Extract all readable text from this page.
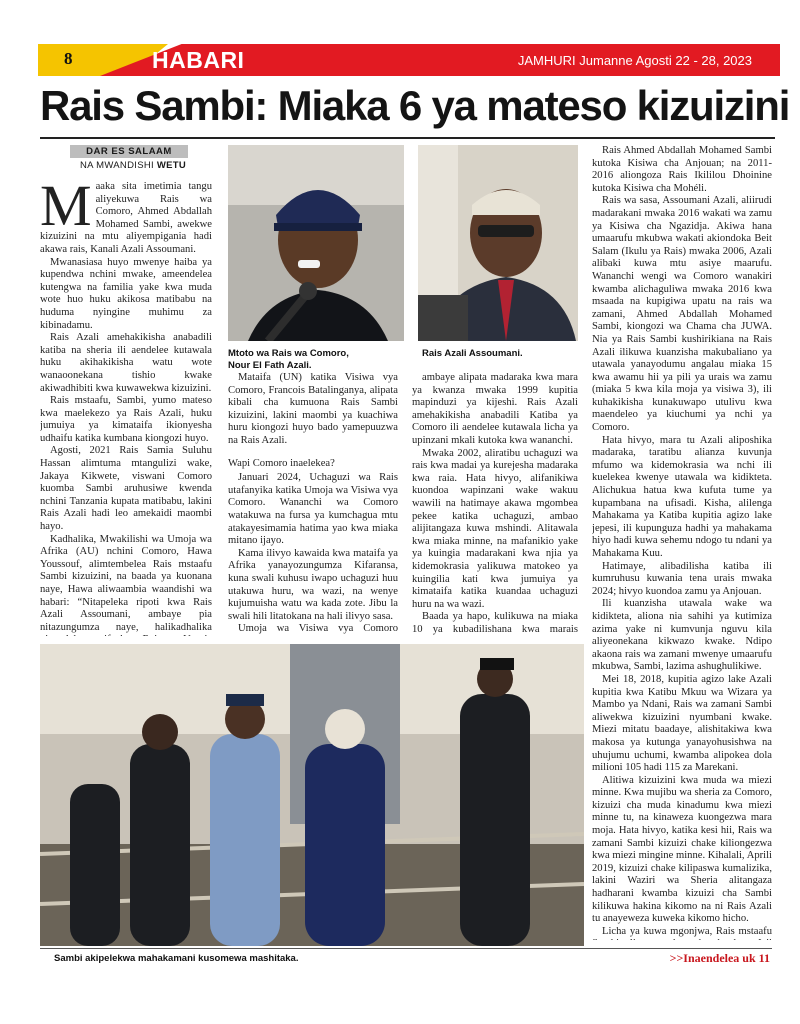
8	HABARI	JAMHURI Jumanne Agosti 22 - 28, 2023
Rais Sambi: Miaka 6 ya mateso kizuizini
DAR ES SALAAM
NA MWANDISHI WETU
M aaka sita imetimia tangu aliyekuwa Rais wa Comoro, Ahmed Abdallah Mohamed Sambi, awekwe kizuizini na mtu aliyempigania hadi akawa rais, Kanali Azali Assoumani.

Mwanasiasa huyo mwenye haiba ya kupendwa nchini mwake, ameendelea kutengwa na familia yake kwa muda wote huo huku akikosa matibabu na huduma nyingine muhimu za kibinadamu.

Rais Azali amehakikisha anabadili katiba na sheria ili aendelee kutawala huku akihakikisha watu wote wanaoonekana tishio kwake akiwadhibiti kwa kuwawekwa kizuizini.

Rais mstaafu, Sambi, yumo mateso kwa maelekezo ya Rais Azali, huku jumuiya ya kimataifa ikionyesha udhaifu katika kumbana kiongozi huyo.

Agosti, 2021 Rais Samia Suluhu Hassan alimtuma mtangulizi wake, Jakaya Kikwete, viswani Comoro kuomba Sambi aruhusiwe kwenda nchini Tanzania kupata matibabu, lakini Rais Azali hadi leo amekaidi maombi hayo.

Kadhalika, Mwakilishi wa Umoja wa Afrika (AU) nchini Comoro, Hawa Youssouf, alimtembelea Rais mstaafu Sambi kizuizini, na baada ya kuonana naye, Hawa aliwaambia waandishi wa habari: “Nitapeleka ripoti kwa Rais Azali Assoumani, ambaye pia nitazungumza naye, halikadhalika

Mtoto wa Rais wa Comoro,
Nour El Fath Azali.
Rais Azali Assoumani.

Mataifa (UN) katika Visiwa vya Comoro, Francois Batalinganya, alipata kibali cha kumuona Rais Sambi kizuizini, lakini maombi ya kuachiwa huru kiongozi huyo bado yamepuuzwa na Rais Azali.

Wapi Comoro inaelekea?

Januari 2024, Uchaguzi wa Rais utafanyika katika Umoja wa Visiwa vya Comoro. Wananchi wa Comoro watakuwa na fursa ya kumchagua mtu atakayesimamia hatima yao kwa miaka mitano ijayo.

Kama ilivyo kawaida kwa mataifa ya Afrika yanayozungumza Kifaransa, kuna swali kuhusu iwapo uchaguzi huu utakuwa huru, wa wazi, na wenye kujumuisha watu wa kada zote. Jibu la swali hili litatokana na hali ilivyo sasa.

Umoja wa Visiwa vya Comoro

ambaye alipata madaraka kwa mara ya kwanza mwaka 1999 kupitia mapinduzi ya kijeshi. Rais Azali amehakikisha anabadili Katiba ya Comoro ili aendelee kutawala licha ya upinzani mkali kutoka kwa wananchi.

Mwaka 2002, aliratibu uchaguzi wa rais kwa madai ya kurejesha madaraka kwa raia. Hata hivyo, alifanikiwa kuondoa wapinzani wake wakuu wawili na hatimaye akawa mgombea pekee katika uchaguzi, ambao alijitangaza kuwa mshindi. Alitawala kwa miaka minne, na mafanikio yake ya kuingia madarakani kwa njia ya kidemokrasia yalikuwa matokeo ya kuingilia kati kwa jumuiya ya kimataifa katika kuandaa uchaguzi huru na wa wazi.

Baada ya hapo, kulikuwa na miaka 10 ya kubadilishana kwa marais

Rais Ahmed Abdallah Mohamed Sambi kutoka Kisiwa cha Anjouan; na 2011-2016 aliongoza Rais Ikililou Dhoinine kutoka Kisiwa cha Mohéli.

Rais wa sasa, Assoumani Azali, aliirudi madarakani mwaka 2016 wakati wa zamu ya Kisiwa cha Ngazidja. Akiwa hana umaarufu mkubwa wakati akiondoka Beit Salam (Ikulu ya Rais) mwaka 2006, Azali alibaki kuwa mtu asiye maarufu. Wananchi wengi wa Comoro wanakiri kwamba alichaguliwa mwaka 2016 kwa msaada na kupigiwa upatu na rais wa zamani, Ahmed Abdallah Mohamed Sambi, kiongozi wa Chama cha JUWA. Nia ya Rais Sambi kushirikiana na Rais Azali ilikuwa kuanzisha makubaliano ya utawala yanayodumu angalau miaka 15 kwa awamu hii ya pili ya urais wa zamu (miaka 5 kwa kila moja ya visiwa 3), ili kuhakikisha kunakuwapo utulivu kwa maendeleo ya kiuchumi ya nchi ya Comoro.

Hata hivyo, mara tu Azali aliposhika madaraka, taratibu alianza kuvunja mfumo wa kidemokrasia wa nchi ili kuelekea kwenye utawala wa kidikteta. Alichukua hatua kwa kufuta tume ya kupambana na ufisadi. Kisha, alilenga Mahakama ya Katiba kupitia agizo lake jepesi, ili kupunguza hadhi ya mahakama hiyo hadi kuwa sehemu ndogo tu ndani ya Mahakama Kuu.

Hatimaye, alibadilisha katiba ili kumruhusu kuwania tena urais mwaka 2024; hivyo kuondoa zamu ya Anjouan.

Ili kuanzisha utawala wake wa kidikteta, aliona nia sahihi ya kutimiza azima yake ni kumvunja nguvu kila aliyeonekana kikwazo kwake. Ndipo akaona rais wa zamani mwenye umaarufu mkubwa, Sambi, lazima ashughulikiwe.

Mei 18, 2018, kupitia agizo lake Azali kupitia kwa Katibu Mkuu wa Wizara ya Mambo ya Ndani, Rais wa zamani Sambi aliwekwa kizuizini nyumbani kwake. Miezi mitatu baadaye, alishitakiwa kwa makosa ya kutunga yanayohusishwa na uhujumu uchumi, kwamba alipokea dola milioni 105 hadi 115 za Marekani.

Alitiwa kizuizini kwa muda wa miezi minne. Kwa mujibu wa sheria za Comoro, kizuizi cha muda kinadumu kwa miezi minne tu, na kinaweza kuongezwa mara moja. Hata hivyo, katika kesi hii, Rais wa zamani Sambi kizuizi chake kiliongezwa kwa miezi mingine minne. Kihalali, Aprili 2019, kizuizi chake kilipaswa kumalizika, lakini Waziri wa Sheria alitangaza hadharani kwamba kizuizi cha Sambi kilikuwa hakina kikomo na ni Rais Azali tu anayeweza kuweka kikomo hicho.

Licha ya kuwa mgonjwa, Rais mstaafu

Sambi akipelekwa mahakamani kusomewa mashitaka.	>>Inaendelea uk 11
